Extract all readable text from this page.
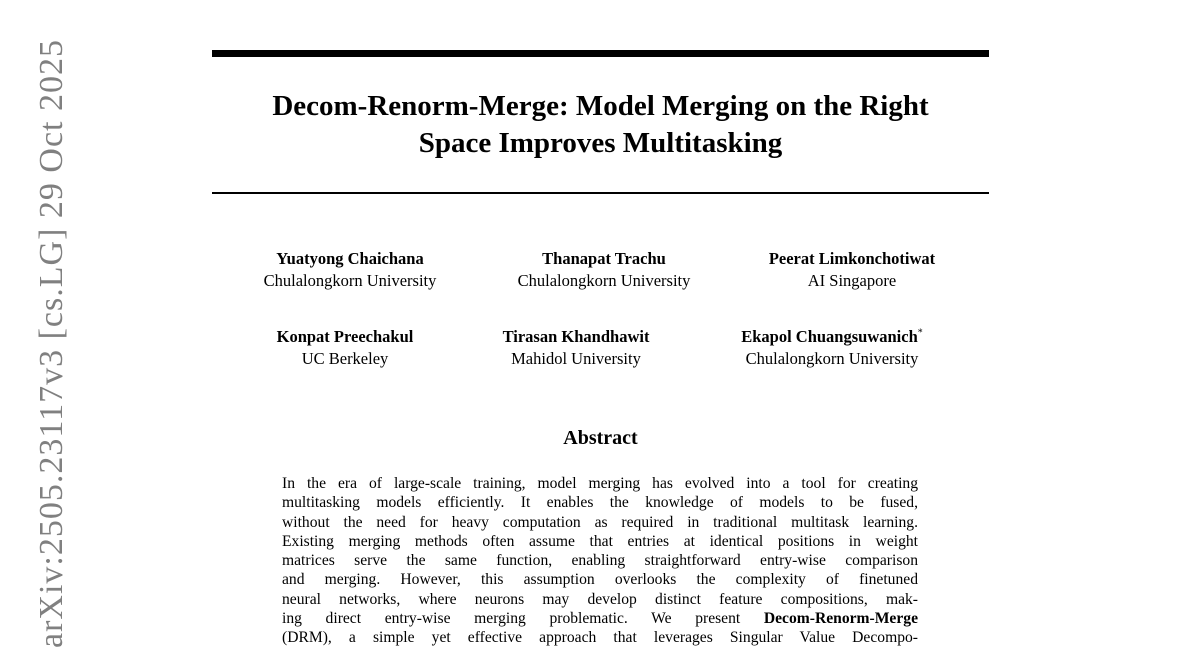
Decom-Renorm-Merge: Model Merging on the Right
Space Improves Multitasking
Yuatyong Chaichana
Chulalongkorn University
Thanapat Trachu
Chulalongkorn University
Peerat Limkonchotiwat
AI Singapore
Konpat Preechakul
UC Berkeley
Tirasan Khandhawit
Mahidol University
Ekapol Chuangsuwanich*
Chulalongkorn University
Abstract
In the era of large-scale training, model merging has evolved into a tool for creating
multitasking models efficiently. It enables the knowledge of models to be fused,
without the need for heavy computation as required in traditional multitask learning.
Existing merging methods often assume that entries at identical positions in weight
matrices serve the same function, enabling straightforward entry-wise comparison
and merging. However, this assumption overlooks the complexity of finetuned
neural networks, where neurons may develop distinct feature compositions, mak-
ing direct entry-wise merging problematic. We present Decom-Renorm-Merge
(DRM), a simple yet effective approach that leverages Singular Value Decompo-
arXiv:2505.23117v3 [cs.LG] 29 Oct 2025
